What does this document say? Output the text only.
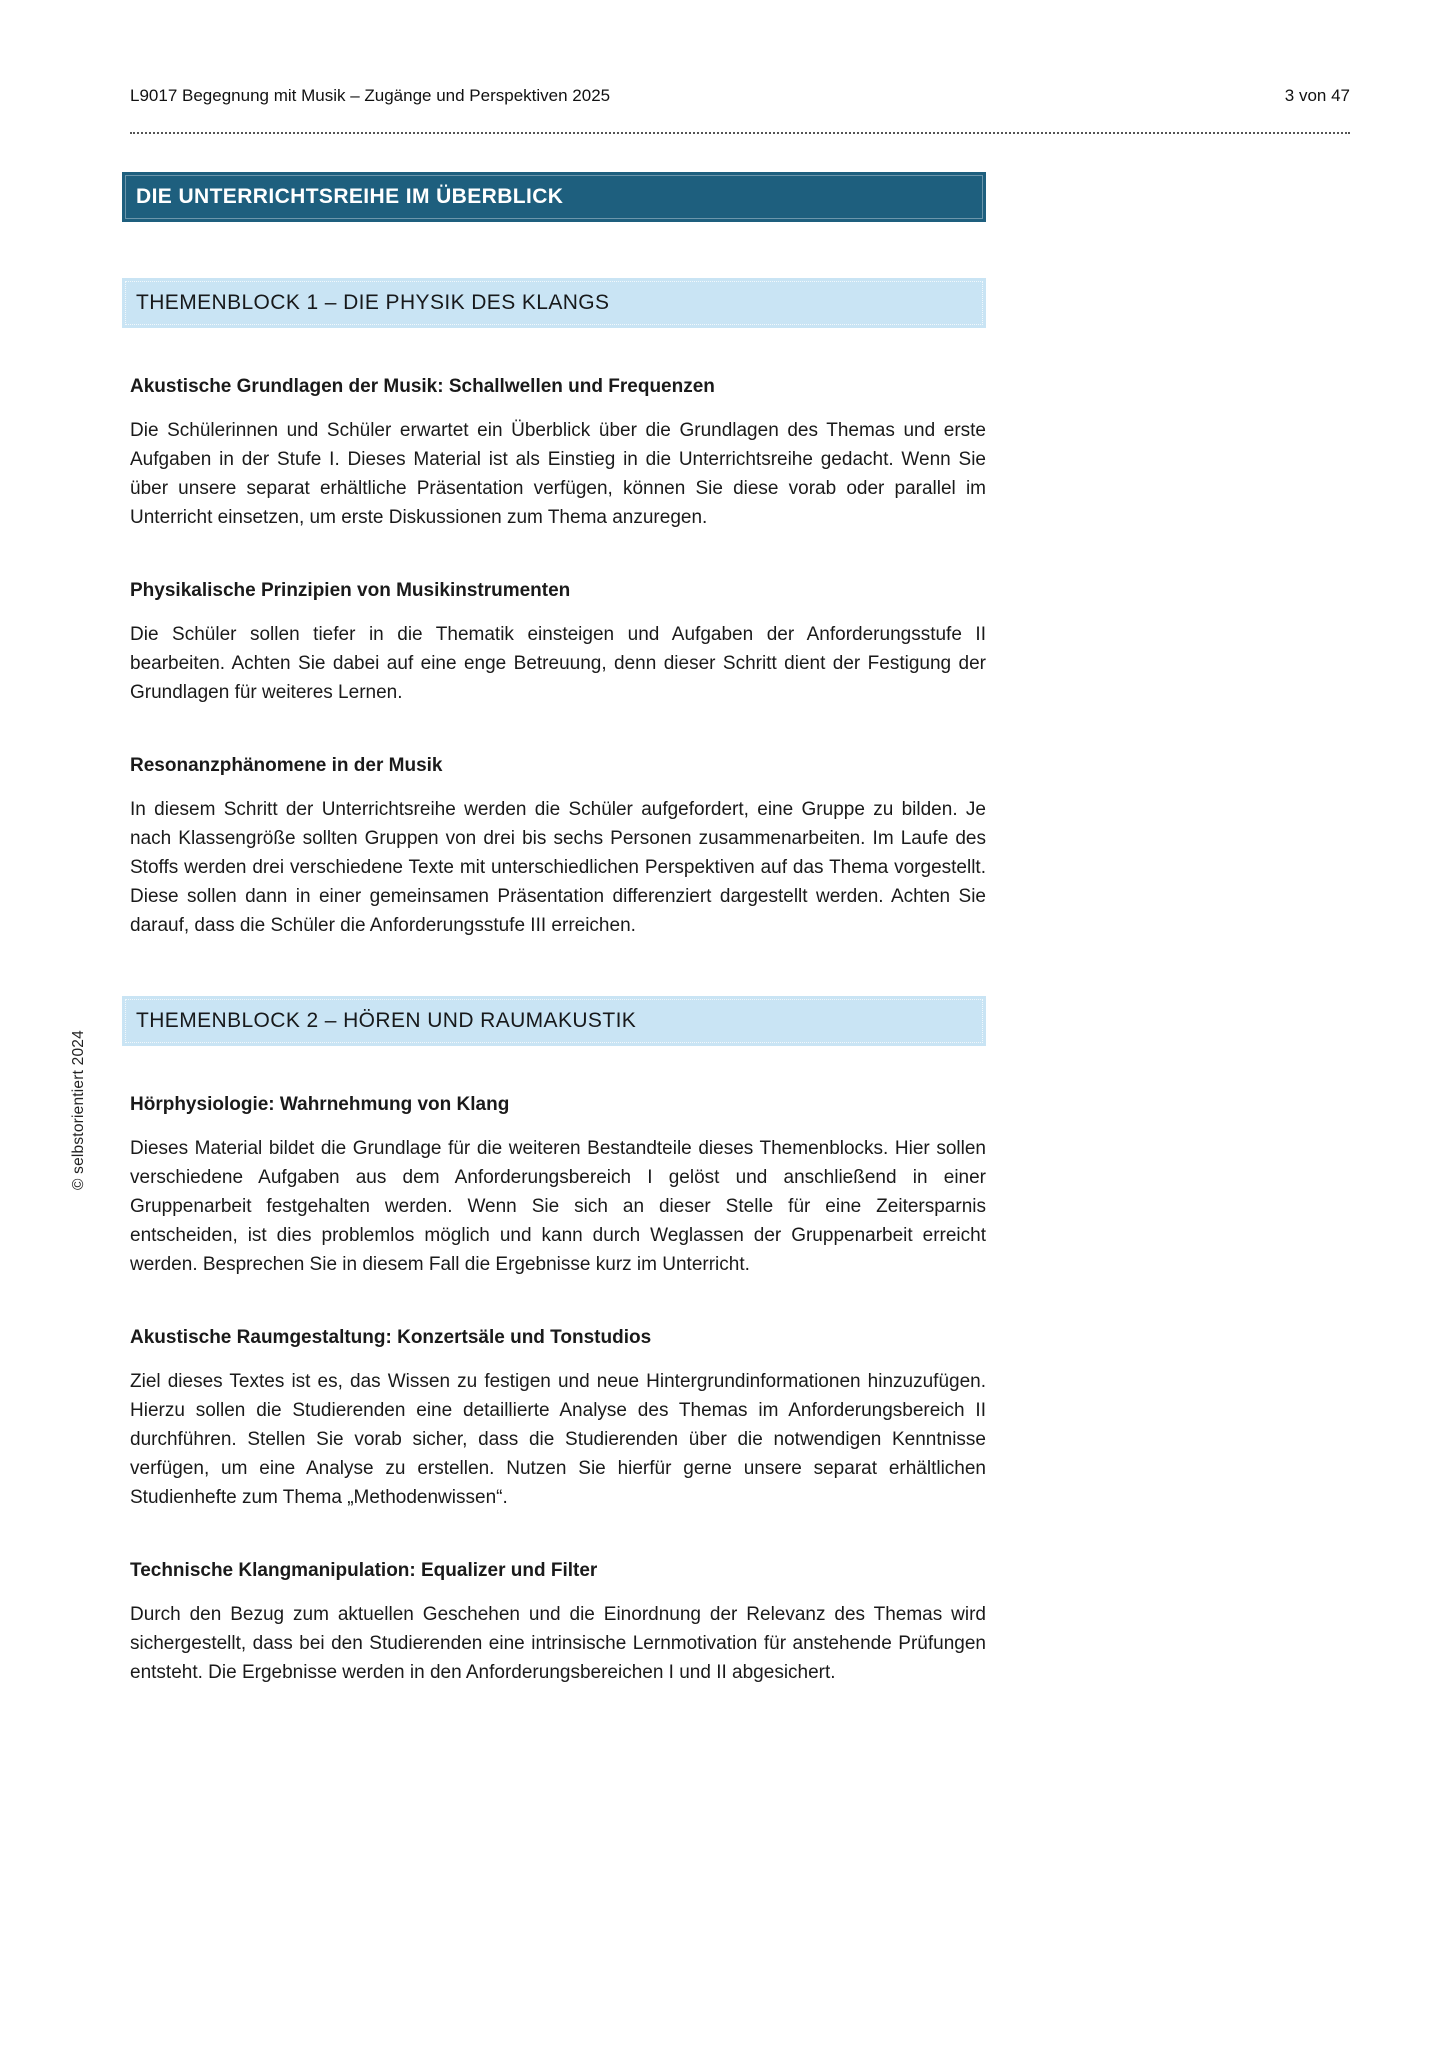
L9017 Begegnung mit Musik – Zugänge und Perspektiven 2025	3 von 47
© selbstorientiert 2024
DIE UNTERRICHTSREIHE IM ÜBERBLICK
THEMENBLOCK 1 – DIE PHYSIK DES KLANGS
Akustische Grundlagen der Musik: Schallwellen und Frequenzen

Die Schülerinnen und Schüler erwartet ein Überblick über die Grundlagen des Themas und erste Aufgaben in der Stufe I. Dieses Material ist als Einstieg in die Unterrichtsreihe gedacht. Wenn Sie über unsere separat erhältliche Präsentation verfügen, können Sie diese vorab oder parallel im Unterricht einsetzen, um erste Diskussionen zum Thema anzuregen.

Physikalische Prinzipien von Musikinstrumenten

Die Schüler sollen tiefer in die Thematik einsteigen und Aufgaben der Anforderungsstufe II bearbeiten. Achten Sie dabei auf eine enge Betreuung, denn dieser Schritt dient der Festigung der Grundlagen für weiteres Lernen.

Resonanzphänomene in der Musik

In diesem Schritt der Unterrichtsreihe werden die Schüler aufgefordert, eine Gruppe zu bilden. Je nach Klassengröße sollten Gruppen von drei bis sechs Personen zusammenarbeiten. Im Laufe des Stoffs werden drei verschiedene Texte mit unterschiedlichen Perspektiven auf das Thema vorgestellt. Diese sollen dann in einer gemeinsamen Präsentation differenziert dargestellt werden. Achten Sie darauf, dass die Schüler die Anforderungsstufe III erreichen.

THEMENBLOCK 2 – HÖREN UND RAUMAKUSTIK
Hörphysiologie: Wahrnehmung von Klang

Dieses Material bildet die Grundlage für die weiteren Bestandteile dieses Themenblocks. Hier sollen verschiedene Aufgaben aus dem Anforderungsbereich I gelöst und anschließend in einer Gruppenarbeit festgehalten werden. Wenn Sie sich an dieser Stelle für eine Zeitersparnis entscheiden, ist dies problemlos möglich und kann durch Weglassen der Gruppenarbeit erreicht werden. Besprechen Sie in diesem Fall die Ergebnisse kurz im Unterricht.

Akustische Raumgestaltung: Konzertsäle und Tonstudios

Ziel dieses Textes ist es, das Wissen zu festigen und neue Hintergrundinformationen hinzuzufügen. Hierzu sollen die Studierenden eine detaillierte Analyse des Themas im Anforderungsbereich II durchführen. Stellen Sie vorab sicher, dass die Studierenden über die notwendigen Kenntnisse verfügen, um eine Analyse zu erstellen. Nutzen Sie hierfür gerne unsere separat erhältlichen Studienhefte zum Thema „Methodenwissen“.

Technische Klangmanipulation: Equalizer und Filter

Durch den Bezug zum aktuellen Geschehen und die Einordnung der Relevanz des Themas wird sichergestellt, dass bei den Studierenden eine intrinsische Lernmotivation für anstehende Prüfungen entsteht. Die Ergebnisse werden in den Anforderungsbereichen I und II abgesichert.
